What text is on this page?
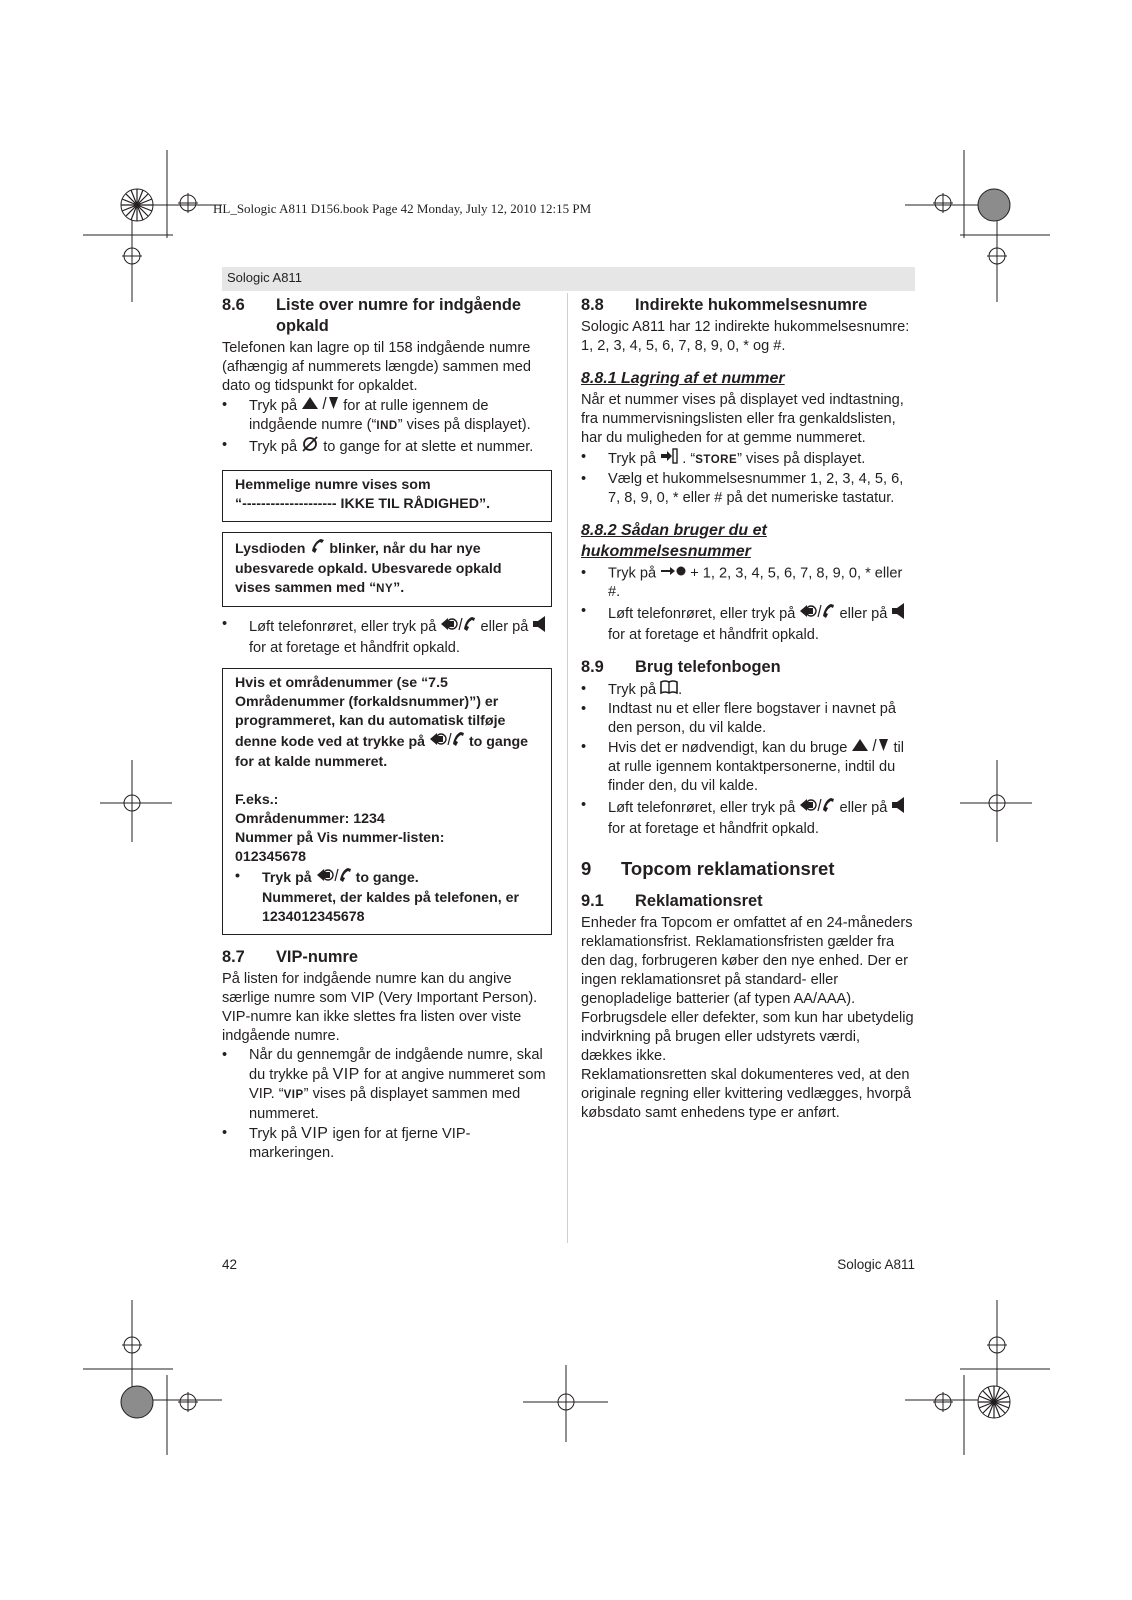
HL_Sologic A811 D156.book Page 42 Monday, July 12, 2010 12:15 PM
Sologic A811
8.6	Liste over numre for indgående opkald

Telefonen kan lagre op til 158 indgående numre (afhængig af nummerets længde) sammen med dato og tidspunkt for opkaldet.

• Tryk på	for at rulle igennem de indgående numre (“IND” vises på displayet).
• Tryk på  to gange for at slette et nummer.
Hemmelige numre vises som
“-------------------- IKKE TIL RÅDIGHED”.
Lysdioden  blinker, når du har nye ubesvarede opkald. Ubesvarede opkald vises sammen med “NY”.
• Løft telefonrøret, eller tryk på	eller på  for at foretage et håndfrit opkald.
Hvis et områdenummer (se “7.5 Områdenummer (forkaldsnummer)”) er programmeret, kan du automatisk tilføje denne kode ved at trykke på	to gange for at kalde nummeret.
F.eks.:
Områdenummer: 1234
Nummer på Vis nummer-listen:
012345678
• Tryk på	to gange.
Nummeret, der kaldes på telefonen, er 1234012345678
8.7	VIP-numre

På listen for indgående numre kan du angive særlige numre som VIP (Very Important Person). VIP-numre kan ikke slettes fra listen over viste indgående numre.

• Når du gennemgår de indgående numre, skal du trykke på VIP for at angive nummeret som VIP. “VIP” vises på displayet sammen med nummeret.
• Tryk på VIP igen for at fjerne VIP-markeringen.
8.8	Indirekte hukommelsesnumre

Sologic A811 har 12 indirekte hukommelsesnumre: 1, 2, 3, 4, 5, 6, 7, 8, 9, 0, * og #.

8.8.1 Lagring af et nummer

Når et nummer vises på displayet ved indtastning, fra nummervisningslisten eller fra genkaldslisten, har du muligheden for at gemme nummeret.

• Tryk på  . “STORE” vises på displayet.
• Vælg et hukommelsesnummer 1, 2, 3, 4, 5, 6, 7, 8, 9, 0, * eller # på det numeriske tastatur.
8.8.2 Sådan bruger du et hukommelsesnummer
• Tryk på  + 1, 2, 3, 4, 5, 6, 7, 8, 9, 0, * eller #.
• Løft telefonrøret, eller tryk på	eller på  for at foretage et håndfrit opkald.
8.9	Brug telefonbogen
• Tryk på .
• Indtast nu et eller flere bogstaver i navnet på den person, du vil kalde.
• Hvis det er nødvendigt, kan du bruge	til at rulle igennem kontaktpersonerne, indtil du finder den, du vil kalde.
• Løft telefonrøret, eller tryk på	eller på  for at foretage et håndfrit opkald.
9	Topcom reklamationsret
9.1	Reklamationsret

Enheder fra Topcom er omfattet af en 24-måneders reklamationsfrist. Reklamationsfristen gælder fra den dag, forbrugeren køber den nye enhed. Der er ingen reklamationsret på standard- eller genopladelige batterier (af typen AA/AAA). Forbrugsdele eller defekter, som kun har ubetydelig indvirkning på brugen eller udstyrets værdi, dækkes ikke.

Reklamationsretten skal dokumenteres ved, at den originale regning eller kvittering vedlægges, hvorpå købsdato samt enhedens type er anført.

42	Sologic A811
